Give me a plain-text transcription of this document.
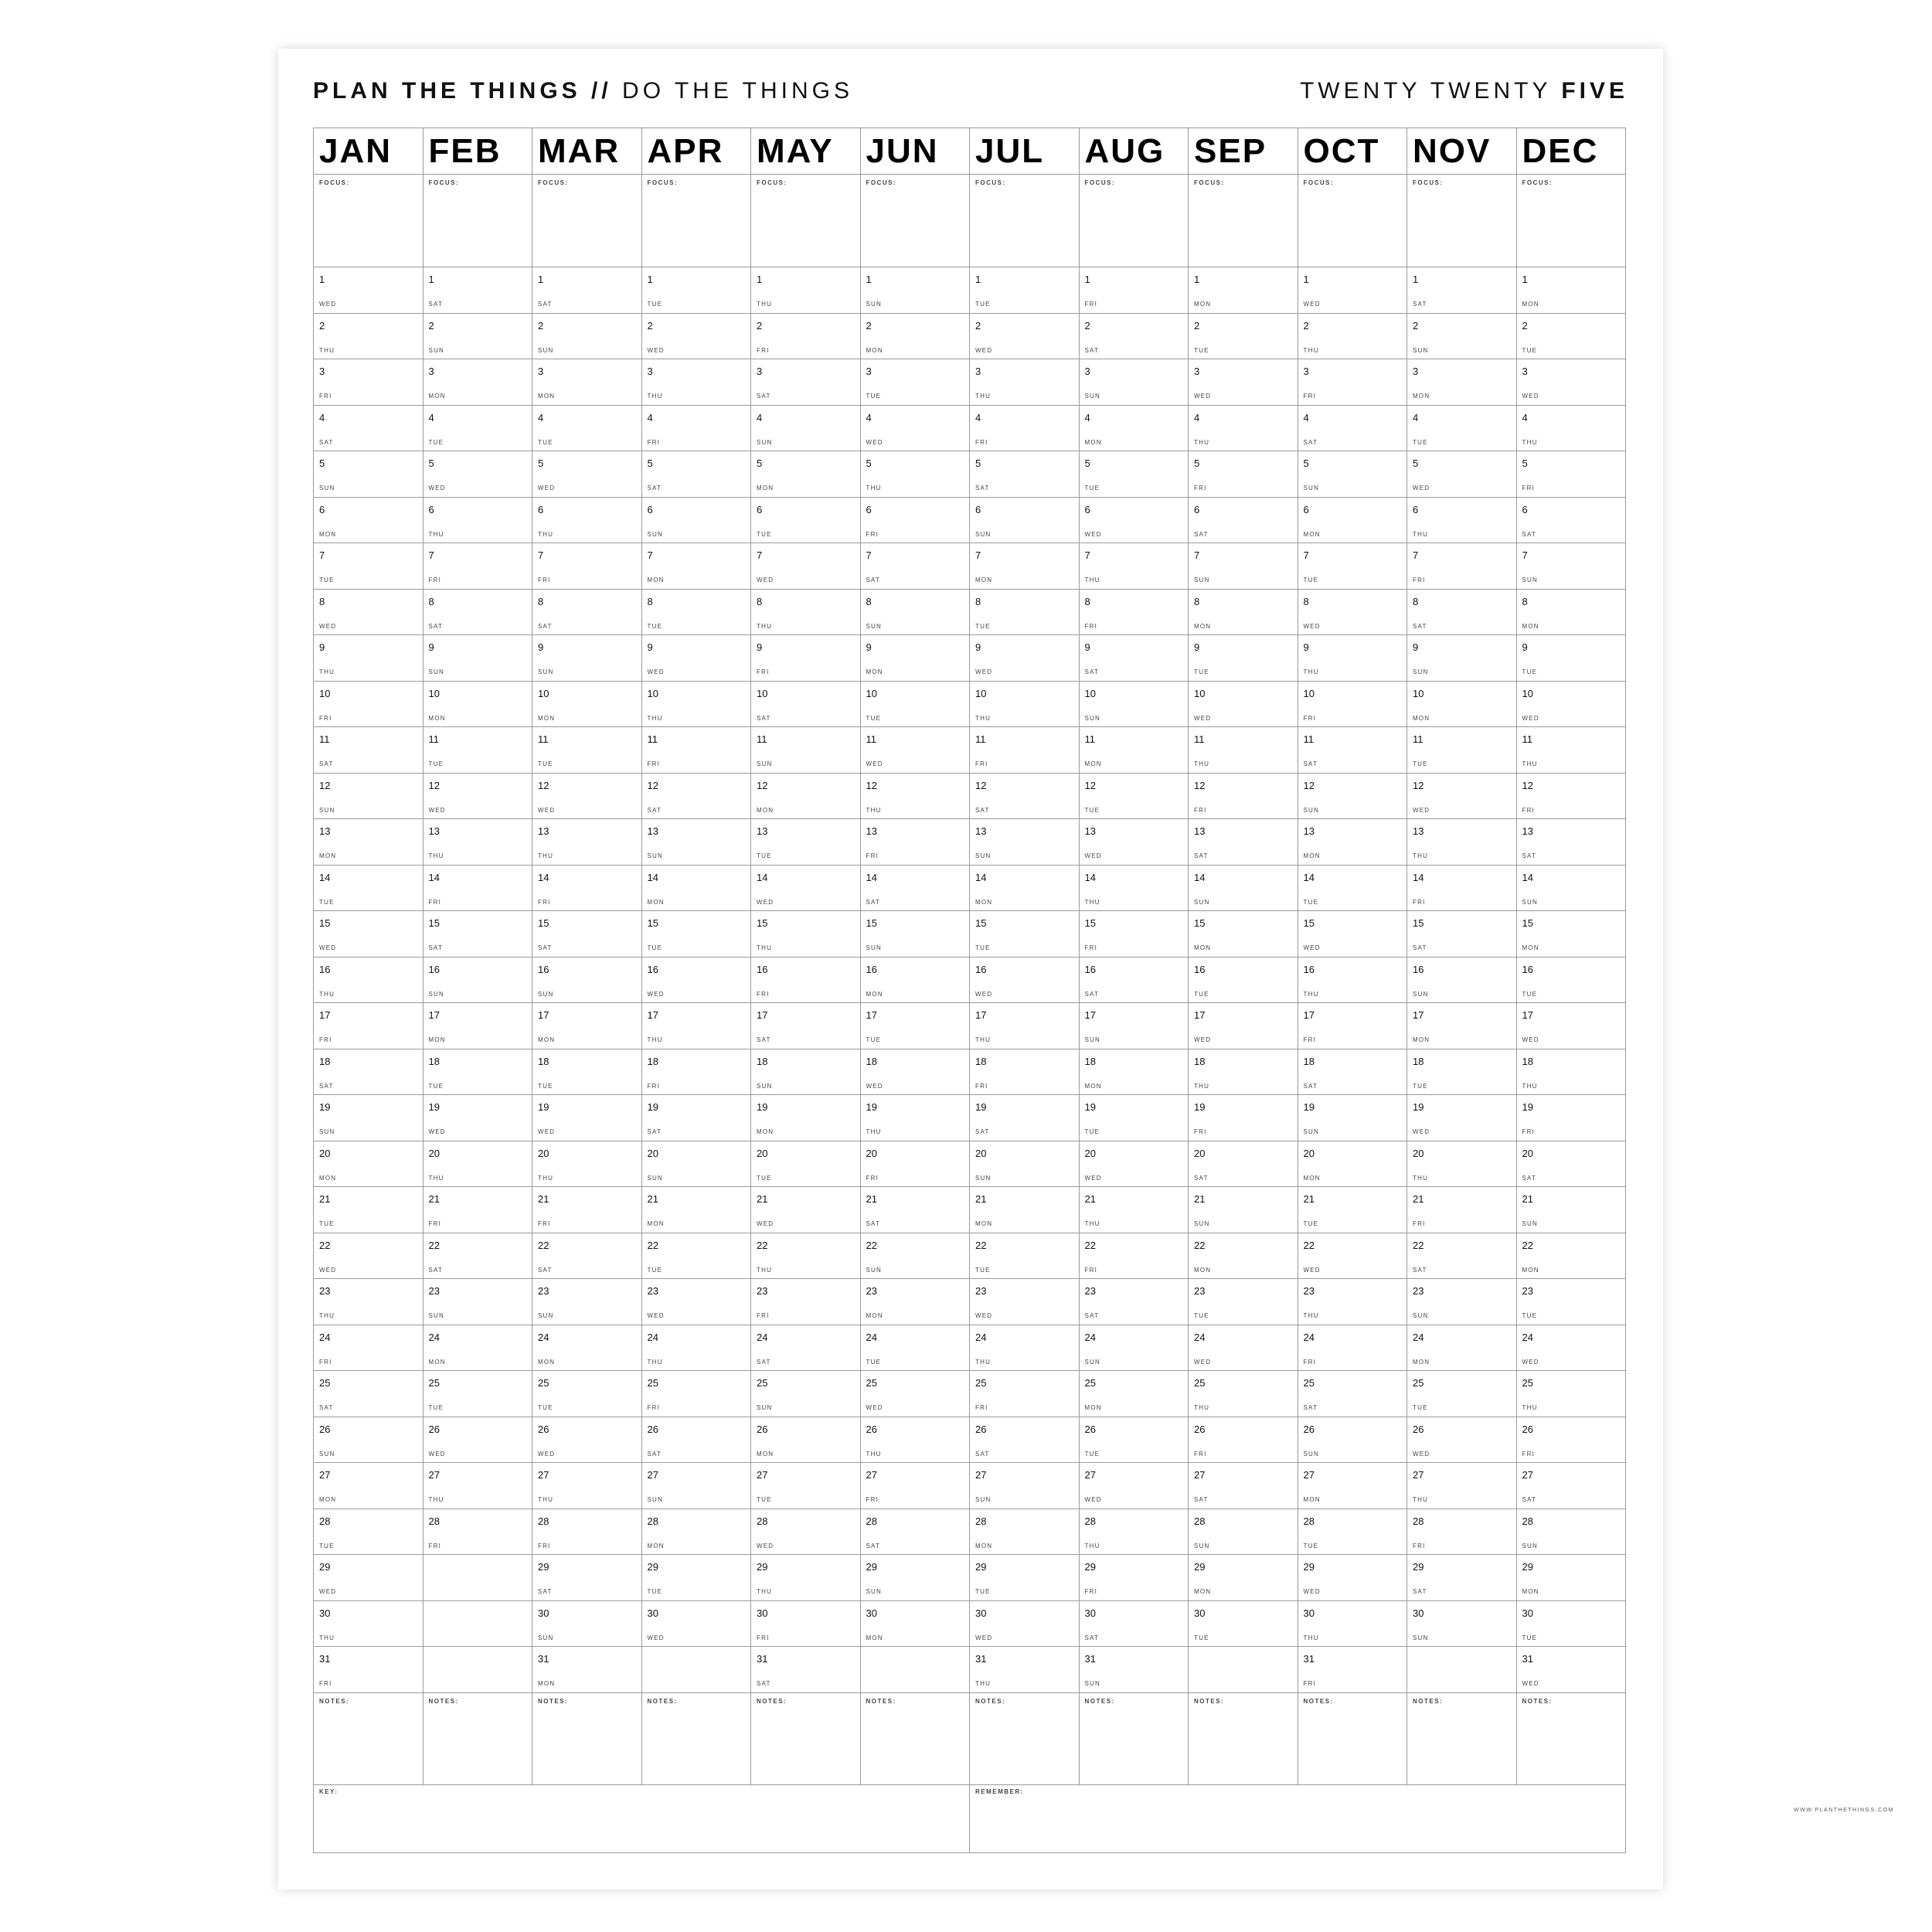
PLAN THE THINGS // DO THE THINGS	TWENTY TWENTY FIVE
JAN
FOCUS:
1
WED
2
THU
3
FRI
4
SAT
5
SUN
6
MON
7
TUE
8
WED
9
THU
10
FRI
11
SAT
12
SUN
13
MON
14
TUE
15
WED
16
THU
17
FRI
18
SAT
19
SUN
20
MON
21
TUE
22
WED
23
THU
24
FRI
25
SAT
26
SUN
27
MON
28
TUE
29
WED
30
THU
31
FRI
NOTES:
FEB
FOCUS:
1
SAT
2
SUN
3
MON
4
TUE
5
WED
6
THU
7
FRI
8
SAT
9
SUN
10
MON
11
TUE
12
WED
13
THU
14
FRI
15
SAT
16
SUN
17
MON
18
TUE
19
WED
20
THU
21
FRI
22
SAT
23
SUN
24
MON
25
TUE
26
WED
27
THU
28
FRI
NOTES:
MAR
FOCUS:
1
SAT
2
SUN
3
MON
4
TUE
5
WED
6
THU
7
FRI
8
SAT
9
SUN
10
MON
11
TUE
12
WED
13
THU
14
FRI
15
SAT
16
SUN
17
MON
18
TUE
19
WED
20
THU
21
FRI
22
SAT
23
SUN
24
MON
25
TUE
26
WED
27
THU
28
FRI
29
SAT
30
SUN
31
MON
NOTES:
APR
FOCUS:
1
TUE
2
WED
3
THU
4
FRI
5
SAT
6
SUN
7
MON
8
TUE
9
WED
10
THU
11
FRI
12
SAT
13
SUN
14
MON
15
TUE
16
WED
17
THU
18
FRI
19
SAT
20
SUN
21
MON
22
TUE
23
WED
24
THU
25
FRI
26
SAT
27
SUN
28
MON
29
TUE
30
WED
NOTES:
MAY
FOCUS:
1
THU
2
FRI
3
SAT
4
SUN
5
MON
6
TUE
7
WED
8
THU
9
FRI
10
SAT
11
SUN
12
MON
13
TUE
14
WED
15
THU
16
FRI
17
SAT
18
SUN
19
MON
20
TUE
21
WED
22
THU
23
FRI
24
SAT
25
SUN
26
MON
27
TUE
28
WED
29
THU
30
FRI
31
SAT
NOTES:
JUN
FOCUS:
1
SUN
2
MON
3
TUE
4
WED
5
THU
6
FRI
7
SAT
8
SUN
9
MON
10
TUE
11
WED
12
THU
13
FRI
14
SAT
15
SUN
16
MON
17
TUE
18
WED
19
THU
20
FRI
21
SAT
22
SUN
23
MON
24
TUE
25
WED
26
THU
27
FRI
28
SAT
29
SUN
30
MON
NOTES:
JUL
FOCUS:
1
TUE
2
WED
3
THU
4
FRI
5
SAT
6
SUN
7
MON
8
TUE
9
WED
10
THU
11
FRI
12
SAT
13
SUN
14
MON
15
TUE
16
WED
17
THU
18
FRI
19
SAT
20
SUN
21
MON
22
TUE
23
WED
24
THU
25
FRI
26
SAT
27
SUN
28
MON
29
TUE
30
WED
31
THU
NOTES:
AUG
FOCUS:
1
FRI
2
SAT
3
SUN
4
MON
5
TUE
6
WED
7
THU
8
FRI
9
SAT
10
SUN
11
MON
12
TUE
13
WED
14
THU
15
FRI
16
SAT
17
SUN
18
MON
19
TUE
20
WED
21
THU
22
FRI
23
SAT
24
SUN
25
MON
26
TUE
27
WED
28
THU
29
FRI
30
SAT
31
SUN
NOTES:
SEP
FOCUS:
1
MON
2
TUE
3
WED
4
THU
5
FRI
6
SAT
7
SUN
8
MON
9
TUE
10
WED
11
THU
12
FRI
13
SAT
14
SUN
15
MON
16
TUE
17
WED
18
THU
19
FRI
20
SAT
21
SUN
22
MON
23
TUE
24
WED
25
THU
26
FRI
27
SAT
28
SUN
29
MON
30
TUE
NOTES:
OCT
FOCUS:
1
WED
2
THU
3
FRI
4
SAT
5
SUN
6
MON
7
TUE
8
WED
9
THU
10
FRI
11
SAT
12
SUN
13
MON
14
TUE
15
WED
16
THU
17
FRI
18
SAT
19
SUN
20
MON
21
TUE
22
WED
23
THU
24
FRI
25
SAT
26
SUN
27
MON
28
TUE
29
WED
30
THU
31
FRI
NOTES:
NOV
FOCUS:
1
SAT
2
SUN
3
MON
4
TUE
5
WED
6
THU
7
FRI
8
SAT
9
SUN
10
MON
11
TUE
12
WED
13
THU
14
FRI
15
SAT
16
SUN
17
MON
18
TUE
19
WED
20
THU
21
FRI
22
SAT
23
SUN
24
MON
25
TUE
26
WED
27
THU
28
FRI
29
SAT
30
SUN
NOTES:
DEC
FOCUS:
1
MON
2
TUE
3
WED
4
THU
5
FRI
6
SAT
7
SUN
8
MON
9
TUE
10
WED
11
THU
12
FRI
13
SAT
14
SUN
15
MON
16
TUE
17
WED
18
THU
19
FRI
20
SAT
21
SUN
22
MON
23
TUE
24
WED
25
THU
26
FRI
27
SAT
28
SUN
29
MON
30
TUE
31
WED
NOTES:
KEY:	REMEMBER:
WWW.PLANTHETHINGS.COM
